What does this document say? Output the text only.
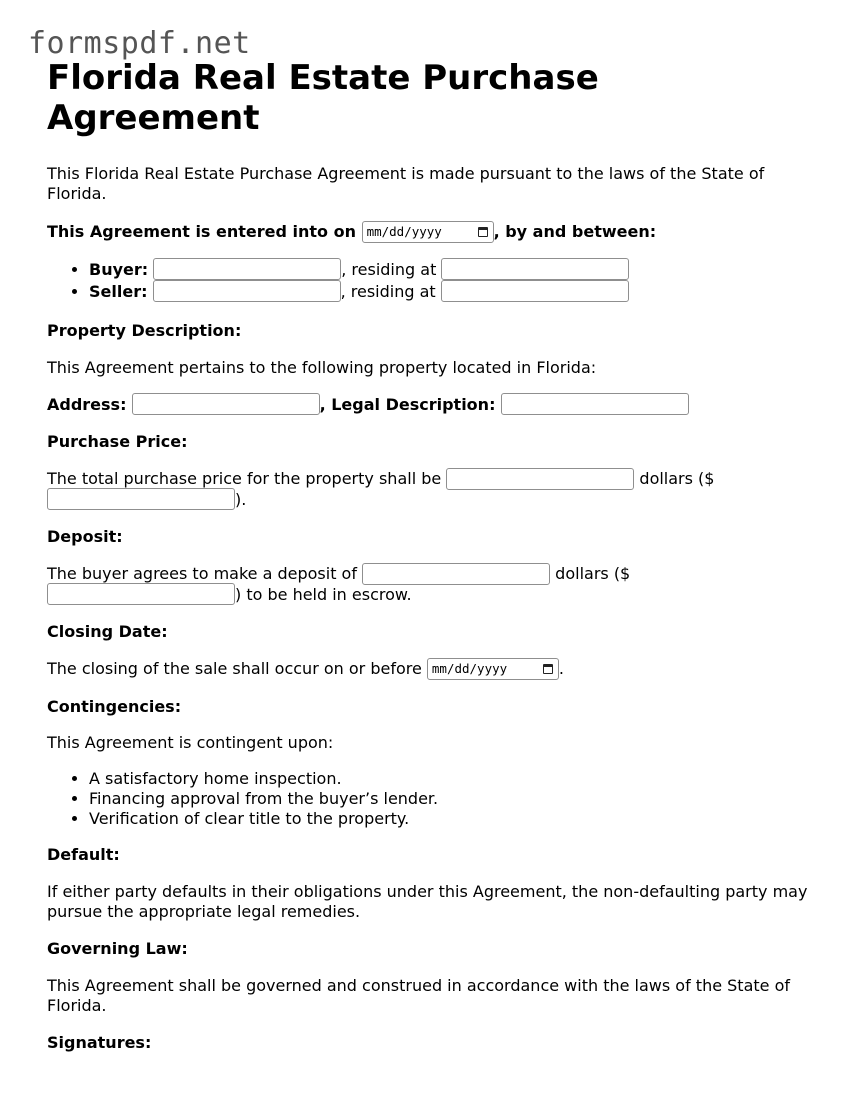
formspdf.net
Florida Real Estate Purchase Agreement

This Florida Real Estate Purchase Agreement is made pursuant to the laws of the State of Florida.

This Agreement is entered into on mm/dd/yyyy	, by and between:

• Buyer:	, residing at
• Seller:	, residing at

Property Description:

This Agreement pertains to the following property located in Florida:

Address:	, Legal Description:

Purchase Price:

The total purchase price for the property shall be	dollars ($
).

Deposit:

The buyer agrees to make a deposit of	dollars ($
) to be held in escrow.

Closing Date:

The closing of the sale shall occur on or before mm/dd/yyyy	.

Contingencies:

This Agreement is contingent upon:

• A satisfactory home inspection.
• Financing approval from the buyer’s lender.
• Verification of clear title to the property.

Default:

If either party defaults in their obligations under this Agreement, the non-defaulting party may pursue the appropriate legal remedies.

Governing Law:

This Agreement shall be governed and construed in accordance with the laws of the State of Florida.

Signatures:
